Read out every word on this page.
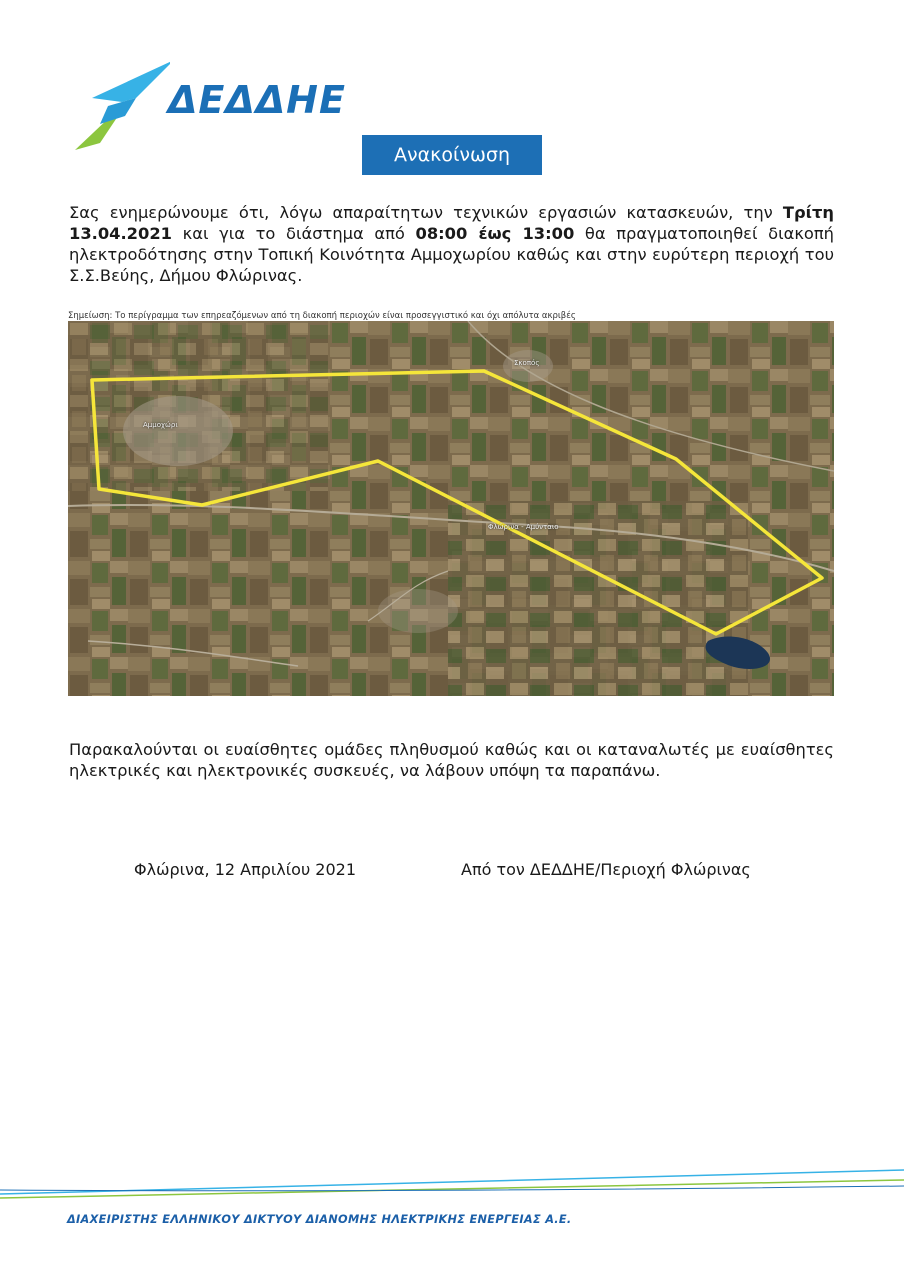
ΔΕΔΔΗΕ
Ανακοίνωση
Σας ενημερώνουμε ότι, λόγω απαραίτητων τεχνικών εργασιών κατασκευών, την Τρίτη 13.04.2021 και για το διάστημα από 08:00 έως 13:00 θα πραγματοποιηθεί διακοπή ηλεκτροδότησης στην Τοπική Κοινότητα Αμμοχωρίου καθώς και στην ευρύτερη περιοχή του Σ.Σ.Βεύης, Δήμου Φλώρινας.
Σημείωση: Το περίγραμμα των επηρεαζόμενων από τη διακοπή περιοχών είναι προσεγγιστικό και όχι απόλυτα ακριβές
Αμμοχώρι
Σκοπός
Φλώρινα - Αμύνταιο
Παρακαλούνται οι ευαίσθητες ομάδες πληθυσμού καθώς και οι καταναλωτές με ευαίσθητες ηλεκτρικές και ηλεκτρονικές συσκευές, να λάβουν υπόψη τα παραπάνω.
Φλώρινα, 12 Απριλίου 2021	Από τον ΔΕΔΔΗΕ/Περιοχή Φλώρινας
ΔΙΑΧΕΙΡΙΣΤΗΣ ΕΛΛΗΝΙΚΟΥ ΔΙΚΤΥΟΥ ΔΙΑΝΟΜΗΣ ΗΛΕΚΤΡΙΚΗΣ ΕΝΕΡΓΕΙΑΣ Α.Ε.
